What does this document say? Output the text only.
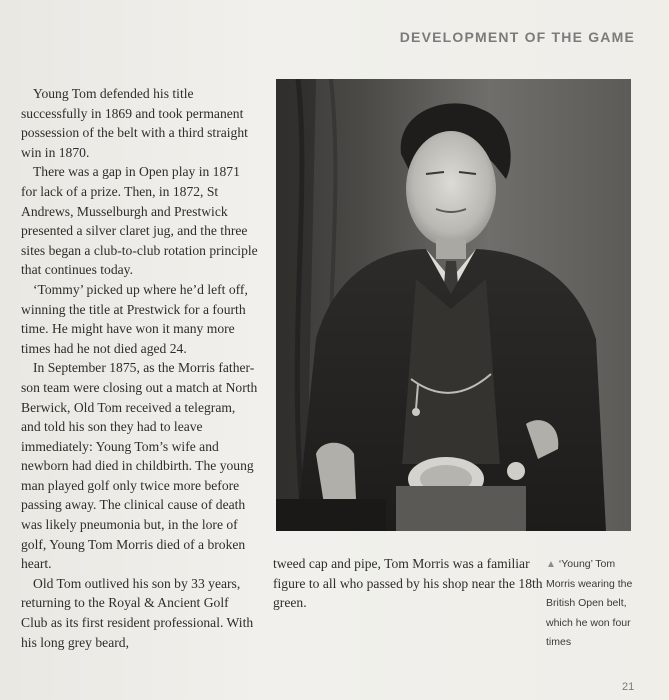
DEVELOPMENT OF THE GAME

Young Tom defended his title successfully in 1869 and took permanent possession of the belt with a third straight win in 1870.

There was a gap in Open play in 1871 for lack of a prize. Then, in 1872, St Andrews, Musselburgh and Prestwick presented a silver claret jug, and the three sites began a club-to-club rotation principle that continues today.

‘Tommy’ picked up where he’d left off, winning the title at Prestwick for a fourth time. He might have won it many more times had he not died aged 24.

In September 1875, as the Morris father-son team were closing out a match at North Berwick, Old Tom received a telegram, and told his son they had to leave immediately: Young Tom’s wife and newborn had died in childbirth. The young man played golf only twice more before passing away. The clinical cause of death was likely pneumonia but, in the lore of golf, Young Tom Morris died of a broken heart.

Old Tom outlived his son by 33 years, returning to the Royal & Ancient Golf Club as its first resident professional. With his long grey beard,

tweed cap and pipe, Tom Morris was a familiar figure to all who passed by his shop near the 18th green.
▲ ‘Young’ Tom Morris wearing the British Open belt, which he won four times
21
